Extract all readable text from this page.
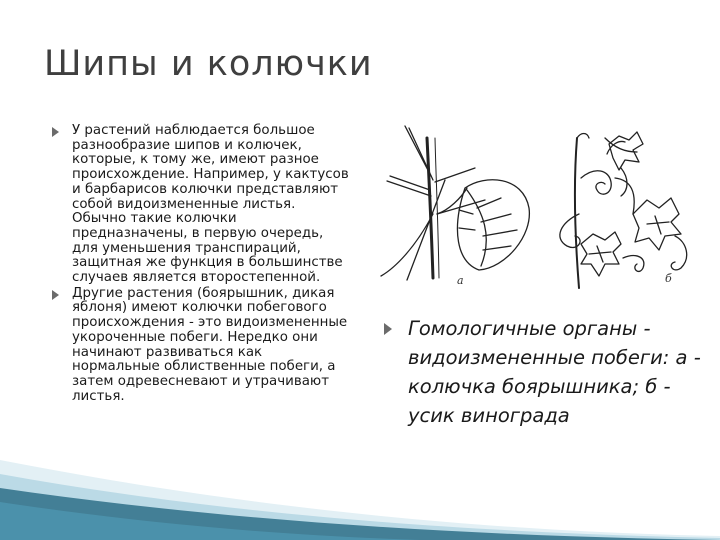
Шипы и колючки
У растений наблюдается большое разнообразие шипов и колючек, которые, к тому же, имеют разное происхождение. Например, у кактусов и барбарисов колючки представляют собой видоизмененные листья. Обычно такие колючки предназначены, в первую очередь, для уменьшения транспираций, защитная же функция в большинстве случаев является второстепенной.
Другие растения (боярышник, дикая яблоня) имеют колючки побегового происхождения - это видоизмененные укороченные побеги. Нередко они начинают развиваться как нормальные облиственные побеги, а затем одревесневают и утрачивают листья.
а	б
Гомологичные органы - видоизмененные побеги: а - колючка боярышника; б - усик винограда
